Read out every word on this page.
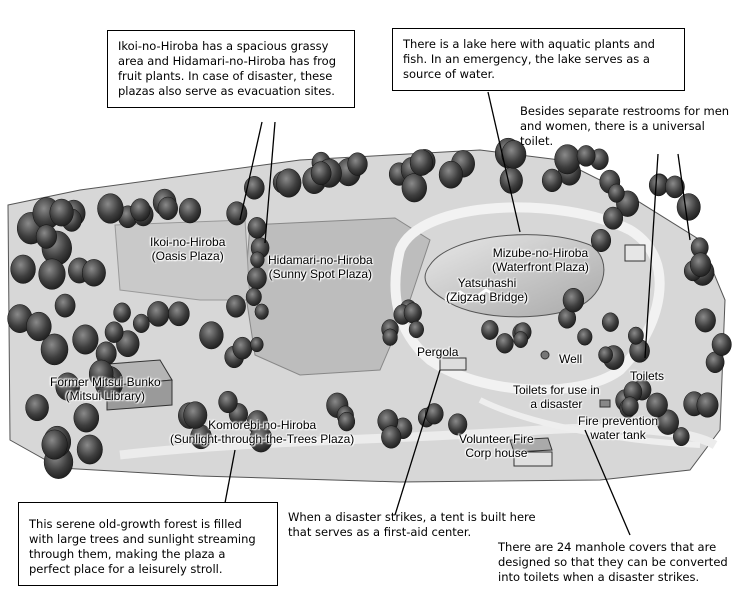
Ikoi-no-Hiroba
(Oasis Plaza)	Hidamari-no-Hiroba
(Sunny Spot Plaza)
Mizube-no-Hiroba
(Waterfront Plaza)
Yatsuhashi
(Zigzag Bridge)
Pergola	Well
Toilets
Toilets for use in
a disaster
Fire prevention
water tank
Former Mitsui Bunko
(Mitsui Library)
Komorebi-no-Hiroba
(Sunlight-through-the-Trees Plaza)	Volunteer Fire
Corp house
Ikoi-no-Hiroba has a spacious grassy area and Hidamari-no-Hiroba has frog fruit plants. In case of disaster, these plazas also serve as evacuation sites.
There is a lake here with aquatic plants and fish. In an emergency, the lake serves as a source of water.
Besides separate restrooms for men and women, there is a universal toilet.
This serene old-growth forest is filled with large trees and sunlight streaming through them, making the plaza a perfect place for a leisurely stroll.
When a disaster strikes, a tent is built here that serves as a first-aid center.
There are 24 manhole covers that are designed so that they can be converted into toilets when a disaster strikes.
